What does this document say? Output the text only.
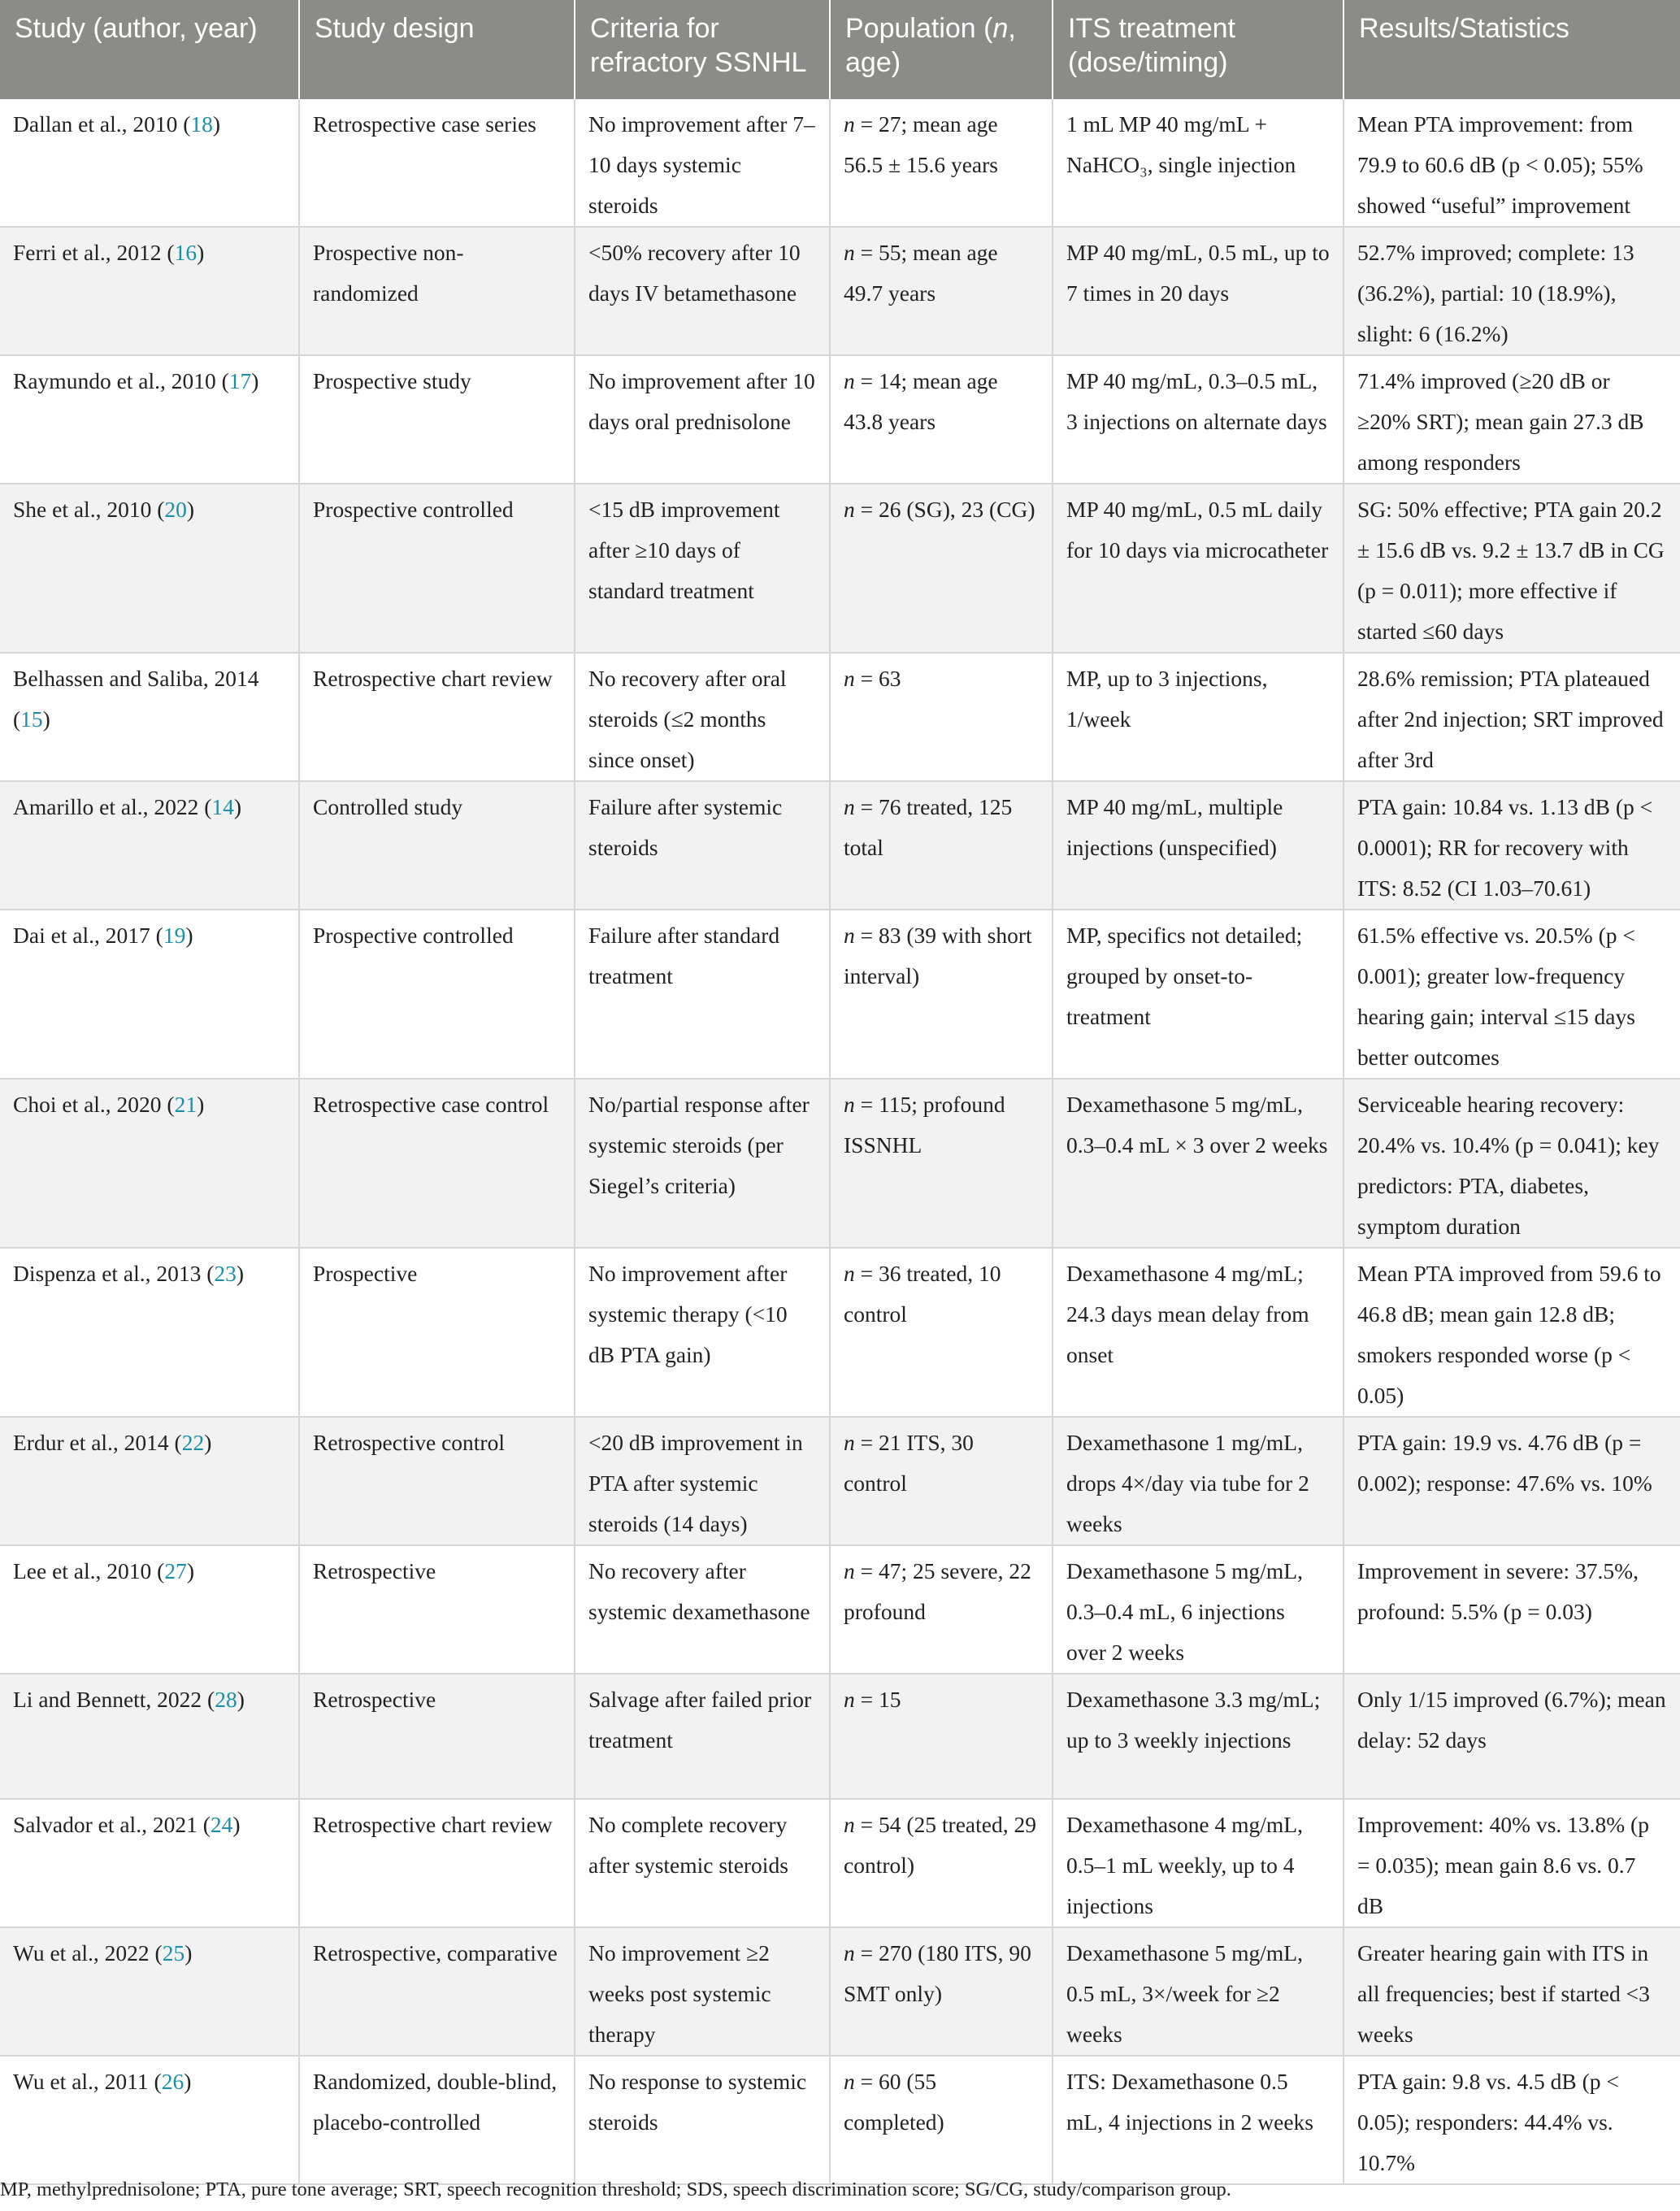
Study (author, year)	Study design	Criteria for refractory SSNHL	Population (n, age)	ITS treatment (dose/timing)	Results/Statistics
Dallan et al., 2010 (18)	Retrospective case series	No improvement after 7–10 days systemic steroids	n = 27; mean age 56.5 ± 15.6 years	1 mL MP 40 mg/mL + NaHCO₃, single injection	Mean PTA improvement: from 79.9 to 60.6 dB (p < 0.05); 55% showed “useful” improvement
Ferri et al., 2012 (16)	Prospective non-randomized	<50% recovery after 10 days IV betamethasone	n = 55; mean age 49.7 years	MP 40 mg/mL, 0.5 mL, up to 7 times in 20 days	52.7% improved; complete: 13 (36.2%), partial: 10 (18.9%), slight: 6 (16.2%)
Raymundo et al., 2010 (17)	Prospective study	No improvement after 10 days oral prednisolone	n = 14; mean age 43.8 years	MP 40 mg/mL, 0.3–0.5 mL, 3 injections on alternate days	71.4% improved (≥20 dB or ≥20% SRT); mean gain 27.3 dB among responders
She et al., 2010 (20)	Prospective controlled	<15 dB improvement after ≥10 days of standard treatment	n = 26 (SG), 23 (CG)	MP 40 mg/mL, 0.5 mL daily for 10 days via microcatheter	SG: 50% effective; PTA gain 20.2 ± 15.6 dB vs. 9.2 ± 13.7 dB in CG (p = 0.011); more effective if started ≤60 days
Belhassen and Saliba, 2014 (15)	Retrospective chart review	No recovery after oral steroids (≤2 months since onset)	n = 63	MP, up to 3 injections, 1/week	28.6% remission; PTA plateaued after 2nd injection; SRT improved after 3rd
Amarillo et al., 2022 (14)	Controlled study	Failure after systemic steroids	n = 76 treated, 125 total	MP 40 mg/mL, multiple injections (unspecified)	PTA gain: 10.84 vs. 1.13 dB (p < 0.0001); RR for recovery with ITS: 8.52 (CI 1.03–70.61)
Dai et al., 2017 (19)	Prospective controlled	Failure after standard treatment	n = 83 (39 with short interval)	MP, specifics not detailed; grouped by onset-to-treatment	61.5% effective vs. 20.5% (p < 0.001); greater low-frequency hearing gain; interval ≤15 days better outcomes
Choi et al., 2020 (21)	Retrospective case control	No/partial response after systemic steroids (per Siegel’s criteria)	n = 115; profound ISSNHL	Dexamethasone 5 mg/mL, 0.3–0.4 mL × 3 over 2 weeks	Serviceable hearing recovery: 20.4% vs. 10.4% (p = 0.041); key predictors: PTA, diabetes, symptom duration
Dispenza et al., 2013 (23)	Prospective	No improvement after systemic therapy (<10 dB PTA gain)	n = 36 treated, 10 control	Dexamethasone 4 mg/mL; 24.3 days mean delay from onset	Mean PTA improved from 59.6 to 46.8 dB; mean gain 12.8 dB; smokers responded worse (p < 0.05)
Erdur et al., 2014 (22)	Retrospective control	<20 dB improvement in PTA after systemic steroids (14 days)	n = 21 ITS, 30 control	Dexamethasone 1 mg/mL, drops 4×/day via tube for 2 weeks	PTA gain: 19.9 vs. 4.76 dB (p = 0.002); response: 47.6% vs. 10%
Lee et al., 2010 (27)	Retrospective	No recovery after systemic dexamethasone	n = 47; 25 severe, 22 profound	Dexamethasone 5 mg/mL, 0.3–0.4 mL, 6 injections over 2 weeks	Improvement in severe: 37.5%, profound: 5.5% (p = 0.03)
Li and Bennett, 2022 (28)	Retrospective	Salvage after failed prior treatment	n = 15	Dexamethasone 3.3 mg/mL; up to 3 weekly injections	Only 1/15 improved (6.7%); mean delay: 52 days
Salvador et al., 2021 (24)	Retrospective chart review	No complete recovery after systemic steroids	n = 54 (25 treated, 29 control)	Dexamethasone 4 mg/mL, 0.5–1 mL weekly, up to 4 injections	Improvement: 40% vs. 13.8% (p = 0.035); mean gain 8.6 vs. 0.7 dB
Wu et al., 2022 (25)	Retrospective, comparative	No improvement ≥2 weeks post systemic therapy	n = 270 (180 ITS, 90 SMT only)	Dexamethasone 5 mg/mL, 0.5 mL, 3×/week for ≥2 weeks	Greater hearing gain with ITS in all frequencies; best if started <3 weeks
Wu et al., 2011 (26)	Randomized, double-blind, placebo-controlled	No response to systemic steroids	n = 60 (55 completed)	ITS: Dexamethasone 0.5 mL, 4 injections in 2 weeks	PTA gain: 9.8 vs. 4.5 dB (p < 0.05); responders: 44.4% vs. 10.7%
MP, methylprednisolone; PTA, pure tone average; SRT, speech recognition threshold; SDS, speech discrimination score; SG/CG, study/comparison group.
